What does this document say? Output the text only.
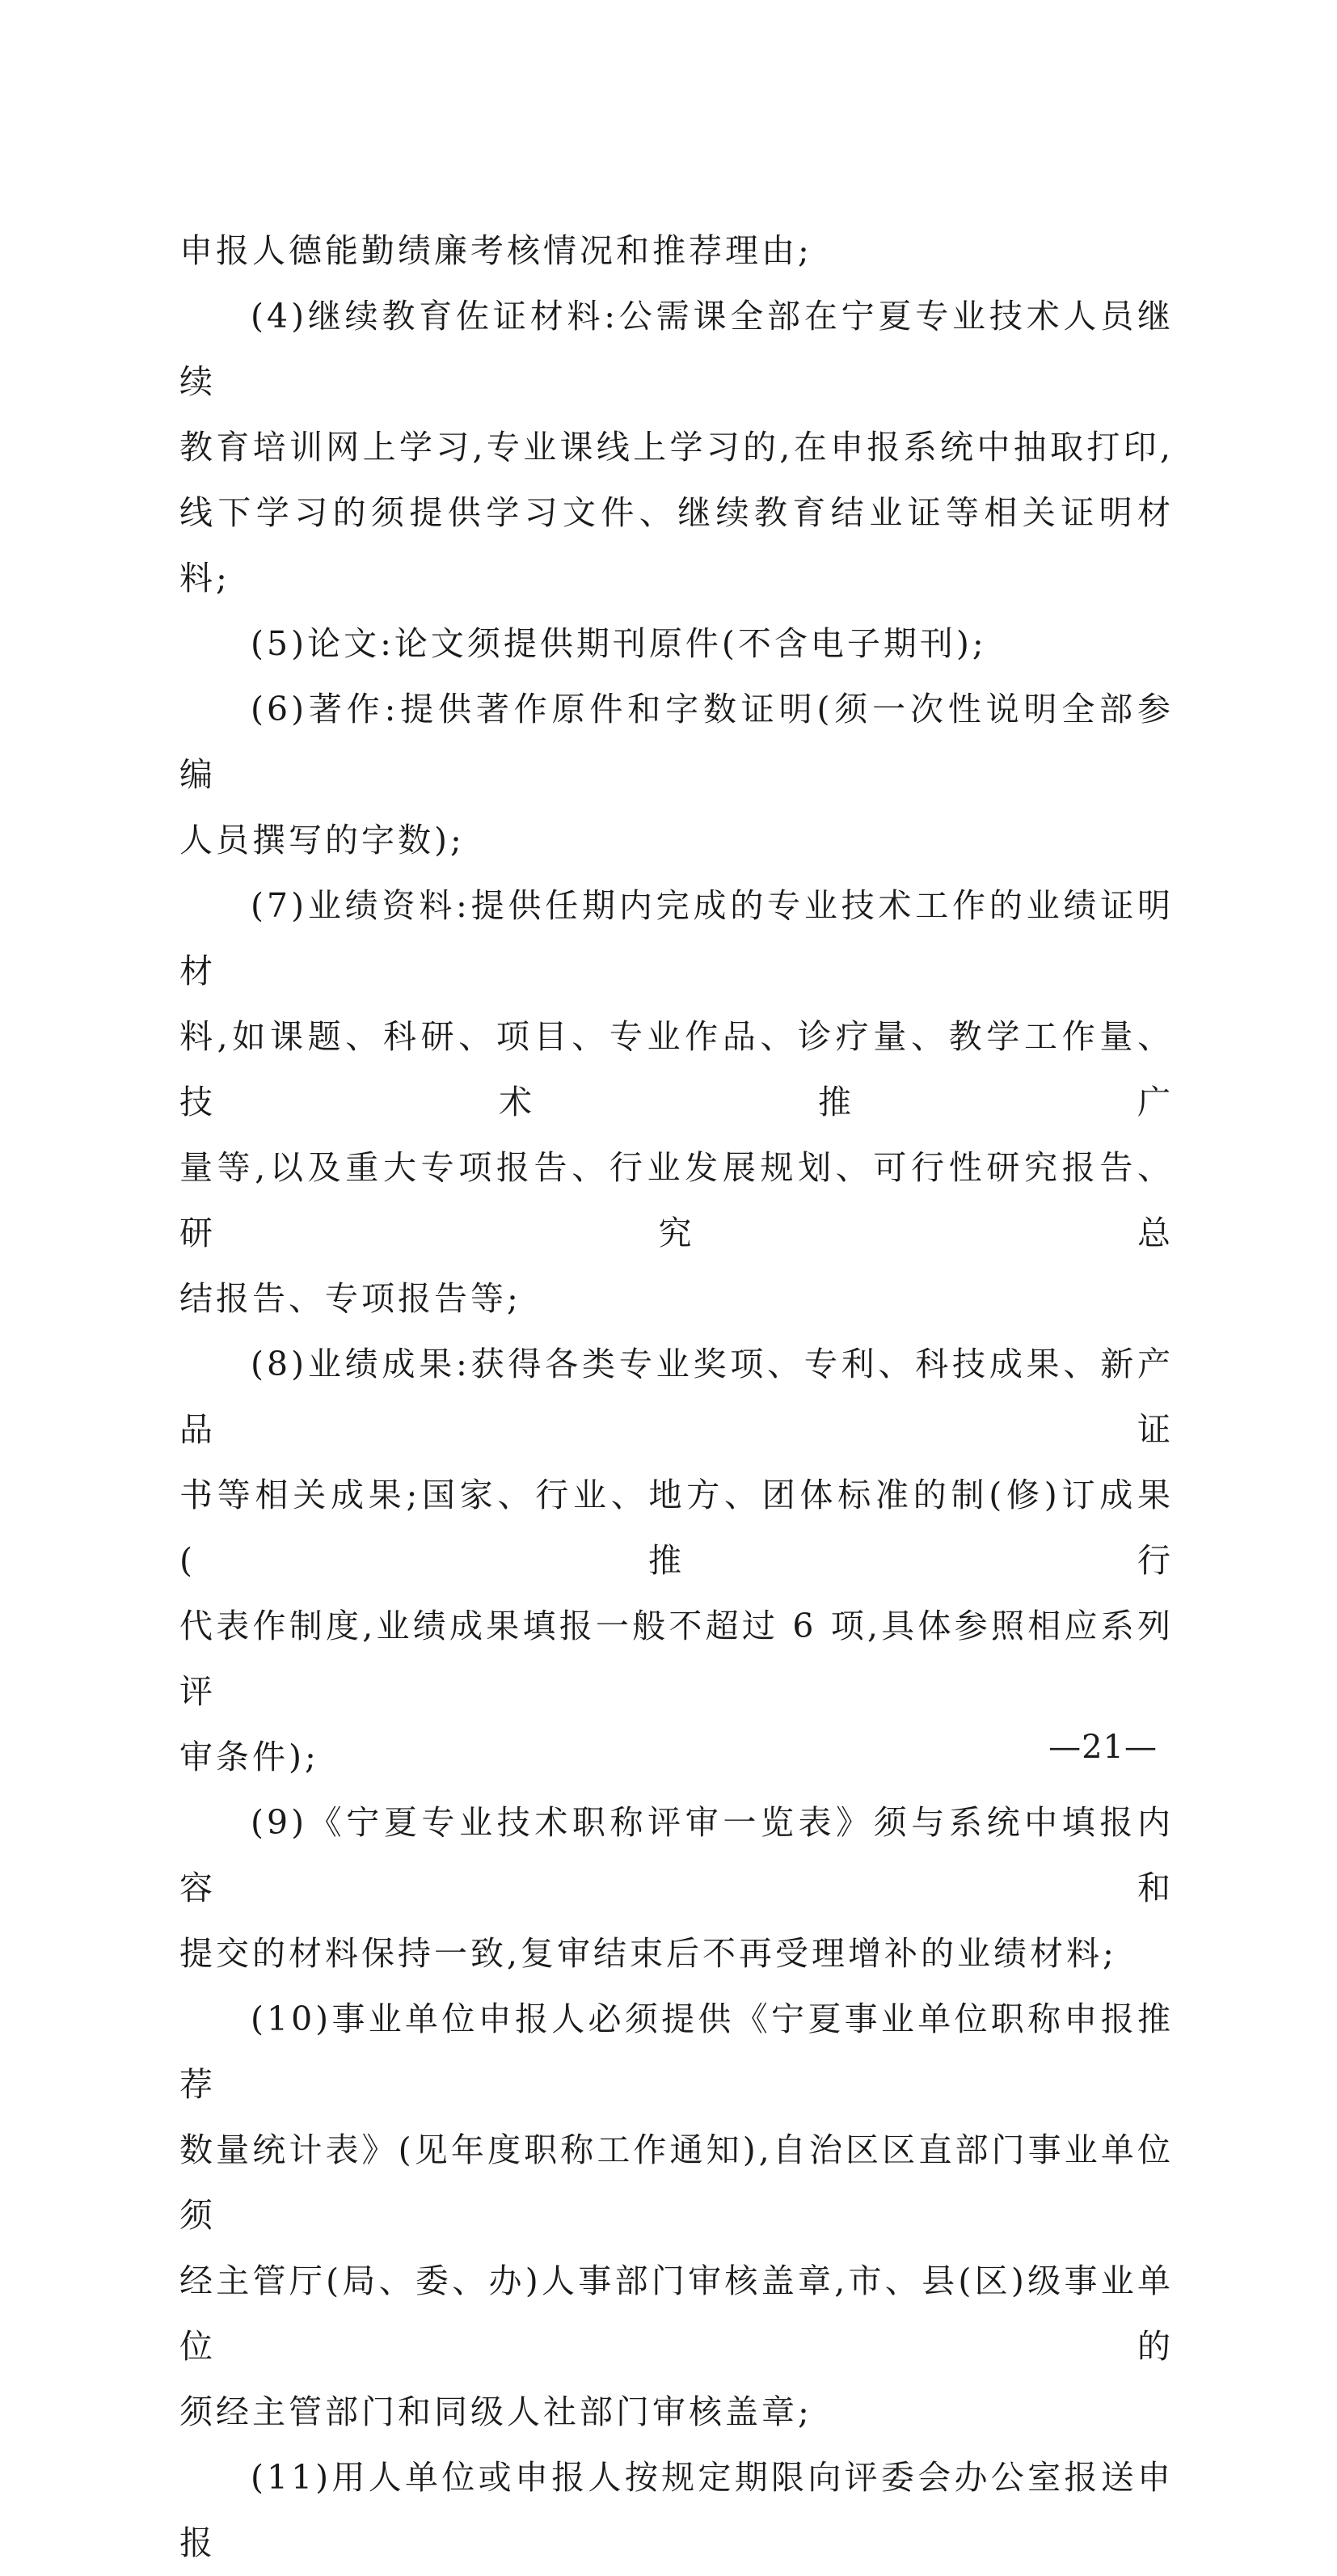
申报人德能勤绩廉考核情况和推荐理由;

(4)继续教育佐证材料:公需课全部在宁夏专业技术人员继续

教育培训网上学习,专业课线上学习的,在申报系统中抽取打印,

线下学习的须提供学习文件、继续教育结业证等相关证明材料;

(5)论文:论文须提供期刊原件(不含电子期刊);

(6)著作:提供著作原件和字数证明(须一次性说明全部参编

人员撰写的字数);

(7)业绩资料:提供任期内完成的专业技术工作的业绩证明材

料,如课题、科研、项目、专业作品、诊疗量、教学工作量、技术推广

量等,以及重大专项报告、行业发展规划、可行性研究报告、研究总

结报告、专项报告等;

(8)业绩成果:获得各类专业奖项、专利、科技成果、新产品证

书等相关成果;国家、行业、地方、团体标准的制(修)订成果(推行

代表作制度,业绩成果填报一般不超过 6 项,具体参照相应系列评

审条件);

(9)《宁夏专业技术职称评审一览表》须与系统中填报内容和

提交的材料保持一致,复审结束后不再受理增补的业绩材料;

(10)事业单位申报人必须提供《宁夏事业单位职称申报推荐

数量统计表》(见年度职称工作通知),自治区区直部门事业单位须

经主管厅(局、委、办)人事部门审核盖章,市、县(区)级事业单位的

须经主管部门和同级人社部门审核盖章;

(11)用人单位或申报人按规定期限向评委会办公室报送申报

—21—
